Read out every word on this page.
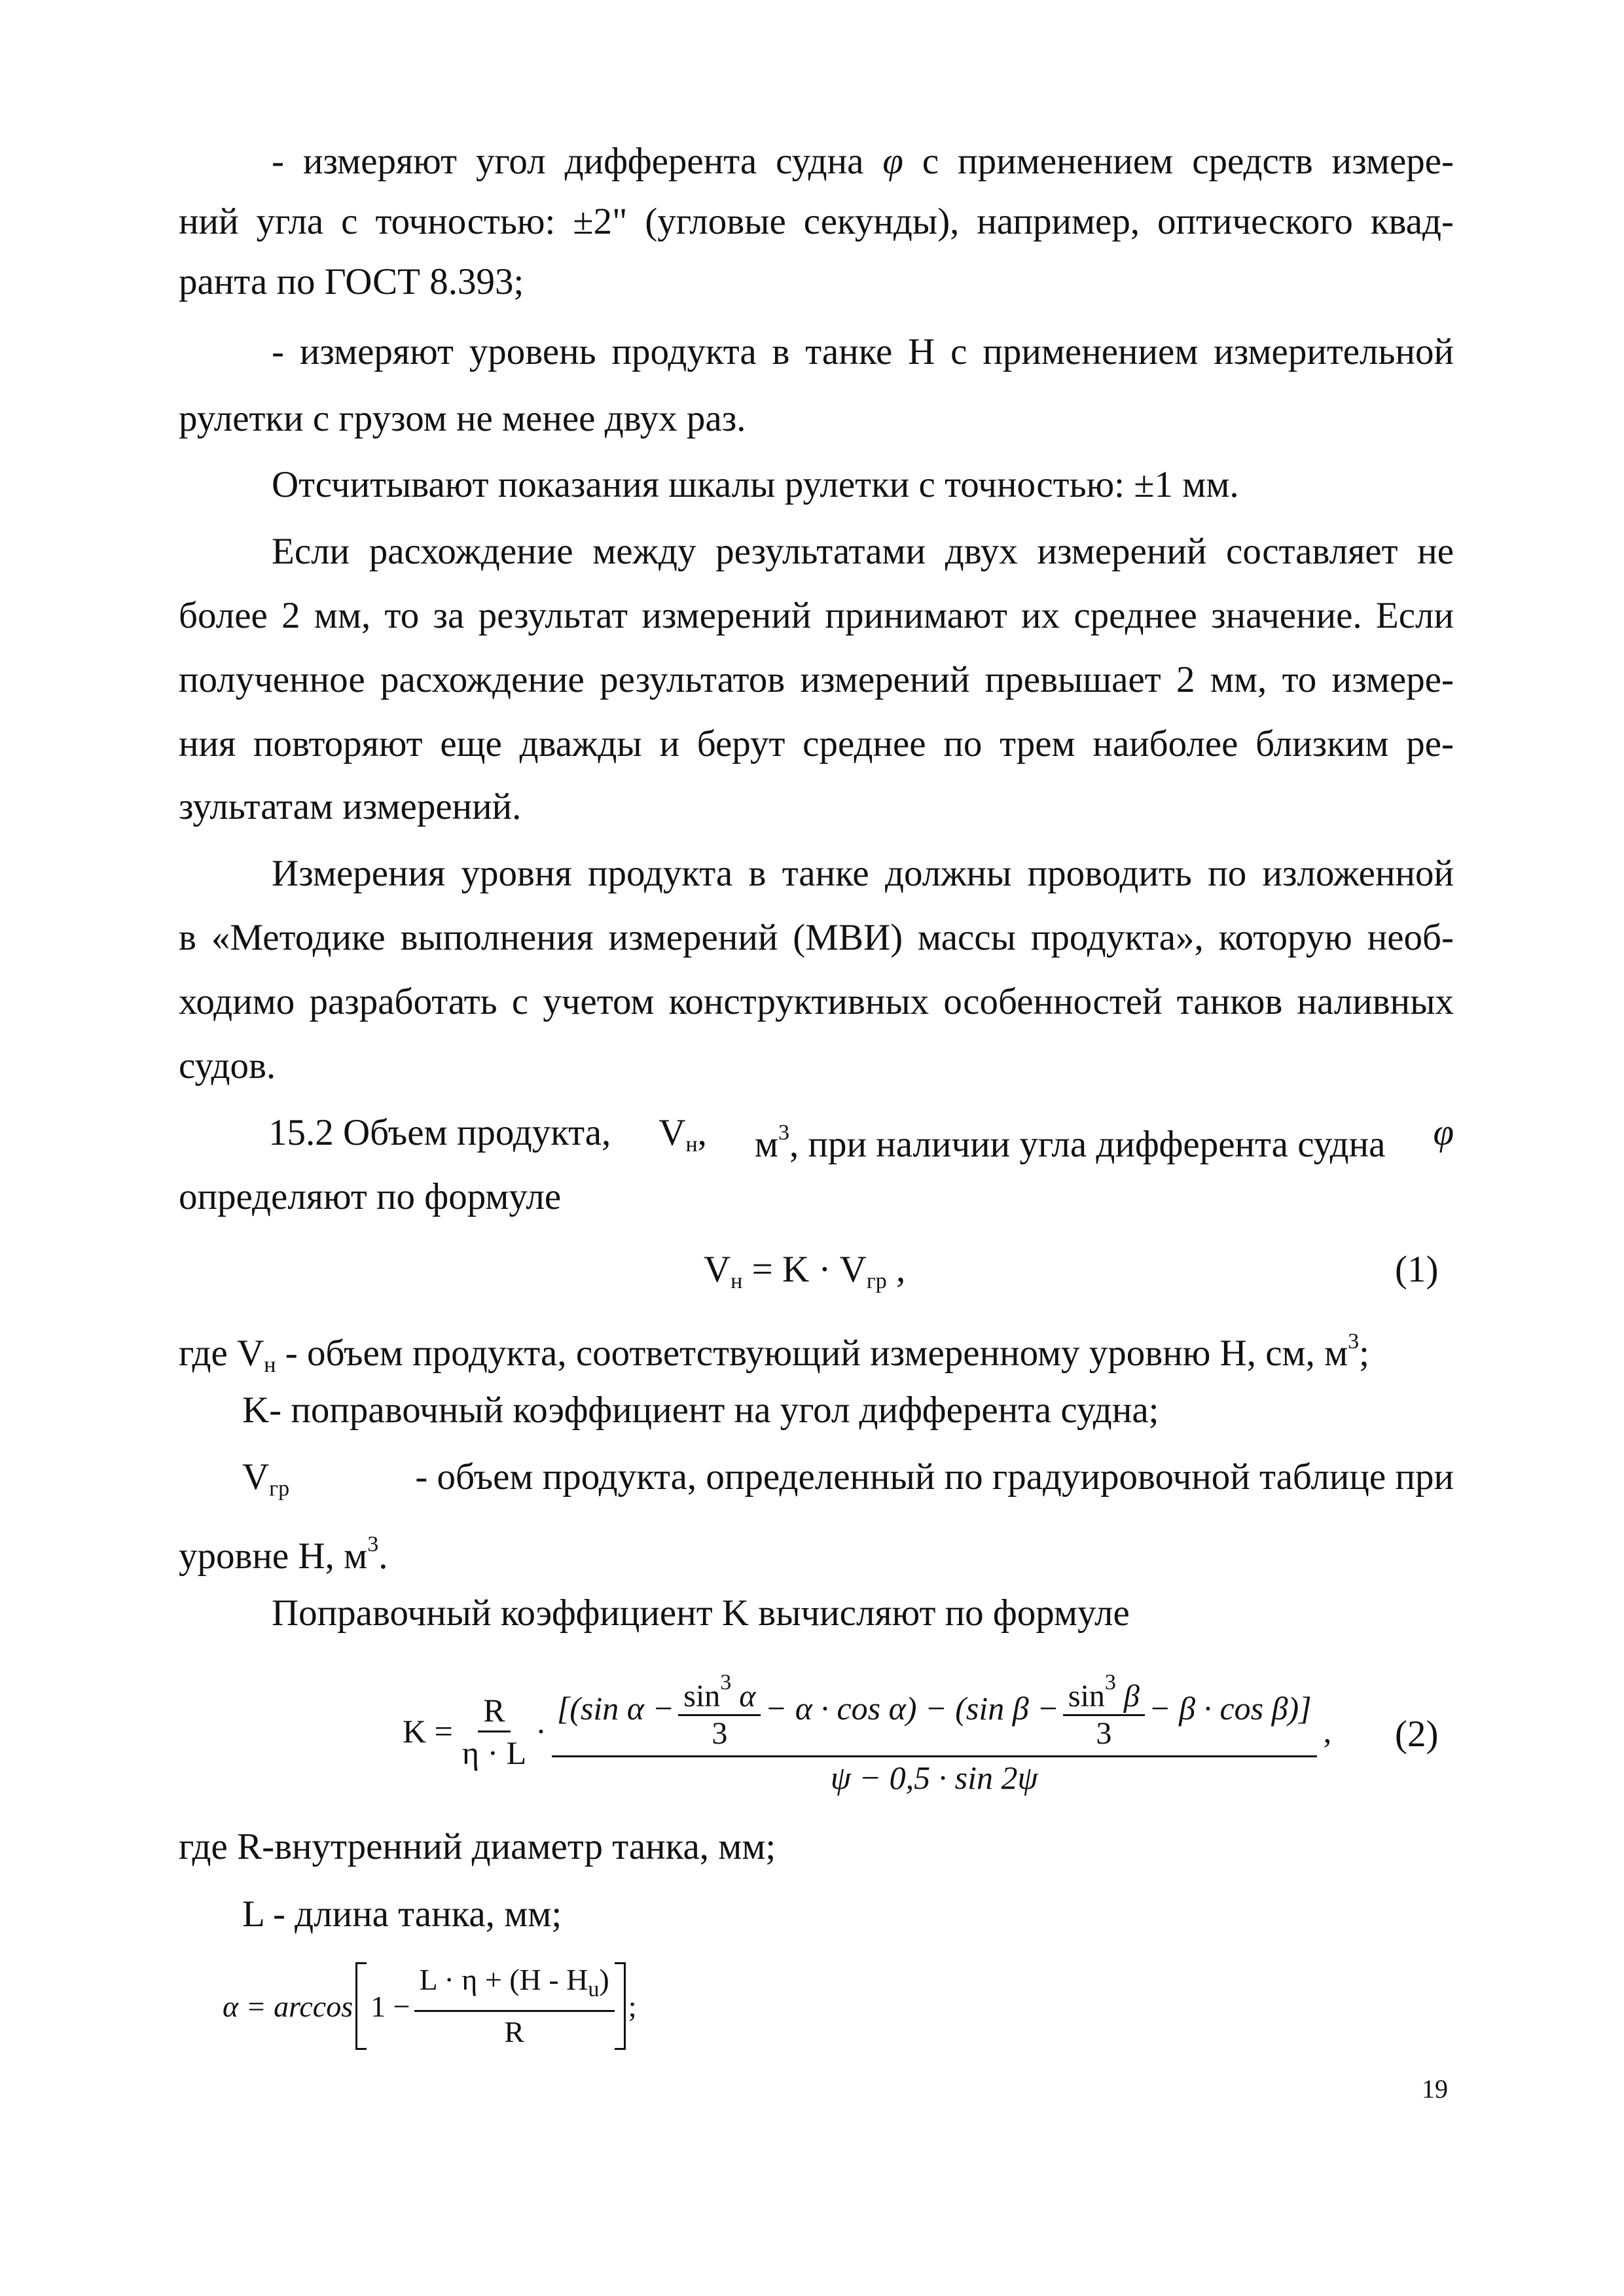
- измеряют угол дифферента судна φ с применением средств измере-
ний угла с точностью: ±2" (угловые секунды), например, оптического квад-
ранта по ГОСТ 8.393;
- измеряют уровень продукта в танке Н с применением измерительной
рулетки с грузом не менее двух раз.
Отсчитывают показания шкалы рулетки с точностью: ±1 мм.
Если расхождение между результатами двух измерений составляет не
более 2 мм, то за результат измерений принимают их среднее значение. Если
полученное расхождение результатов измерений превышает 2 мм, то измере-
ния повторяют еще дважды и берут среднее по трем наиболее близким ре-
зультатам измерений.
Измерения уровня продукта в танке должны проводить по изложенной
в «Методике выполнения измерений (МВИ) массы продукта», которую необ-
ходимо разработать с учетом конструктивных особенностей танков наливных
судов.
15.2 Объем продукта, $V_н$, $м^3$, при наличии угла дифферента судна φ
определяют по формуле
$V_н = K \cdot V_{гр}$ ,	(1)
где $V_н$ - объем продукта, соответствующий измеренному уровню Н, см, $м^3$;
K- поправочный коэффициент на угол дифферента судна;
$V_{гр}$	- объем продукта, определенный по градуировочной таблице при
уровне Н, $м^3$.
Поправочный коэффициент K вычисляют по формуле
$K = \frac{R}{\eta \cdot L}$ ·
[(sin $\alpha - \frac{\sin^3 \alpha}{3} - \alpha \cdot \cos \alpha) - (\sin$ $\beta - \frac{\sin^3 \beta}{3} - \beta \cdot \cos \beta$)]
ψ − 0,5 · sin 2ψ
, (2)
где R-внутренний диаметр танка, мм;
L - длина танка, мм;
$\alpha = \arccos 1 - \frac{L \cdot \eta + (H - H_u)}{R}$ ;
19
